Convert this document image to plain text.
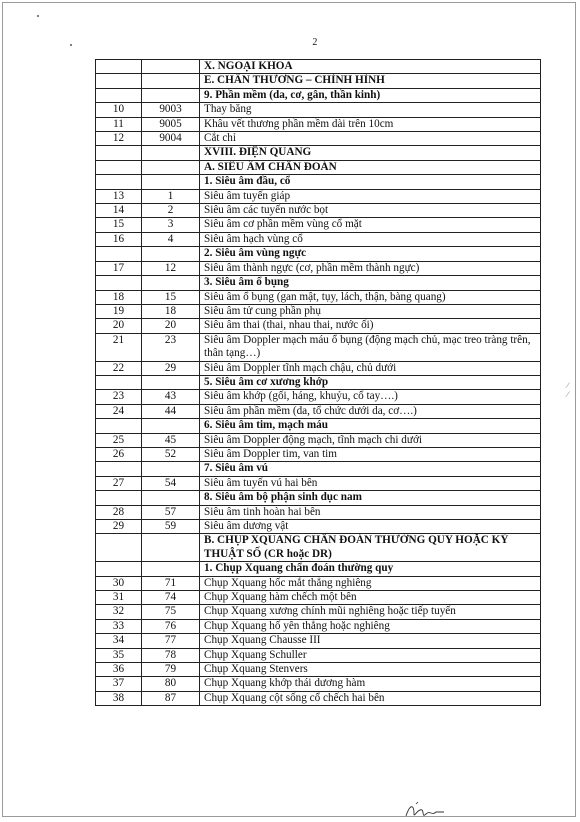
2
		X. NGOẠI KHOA
		E. CHẤN THƯƠNG – CHỈNH HÌNH
		9. Phần mềm (da, cơ, gân, thần kinh)
10	9003	Thay băng
11	9005	Khâu vết thương phần mềm dài trên 10cm
12	9004	Cắt chỉ
		XVIII. ĐIỆN QUANG
		A. SIÊU ÂM CHẨN ĐOÁN
		1. Siêu âm đầu, cổ
13	1	Siêu âm tuyến giáp
14	2	Siêu âm các tuyến nước bọt
15	3	Siêu âm cơ phần mềm vùng cổ mặt
16	4	Siêu âm hạch vùng cổ
		2. Siêu âm vùng ngực
17	12	Siêu âm thành ngực (cơ, phần mềm thành ngực)
		3. Siêu âm ổ bụng
18	15	Siêu âm ổ bụng (gan mật, tụy, lách, thận, bàng quang)
19	18	Siêu âm tử cung phần phụ
20	20	Siêu âm thai (thai, nhau thai, nước ối)
21	23	Siêu âm Doppler mạch máu ổ bụng (động mạch chủ, mạc treo tràng trên, thân tạng…)
22	29	Siêu âm Doppler tĩnh mạch chậu, chủ dưới
		5. Siêu âm cơ xương khớp
23	43	Siêu âm khớp (gối, háng, khuỷu, cổ tay….)
24	44	Siêu âm phần mềm (da, tổ chức dưới da, cơ….)
		6. Siêu âm tim, mạch máu
25	45	Siêu âm Doppler động mạch, tĩnh mạch chi dưới
26	52	Siêu âm Doppler tim, van tim
		7. Siêu âm vú
27	54	Siêu âm tuyến vú hai bên
		8. Siêu âm bộ phận sinh dục nam
28	57	Siêu âm tinh hoàn hai bên
29	59	Siêu âm dương vật
		B. CHỤP XQUANG CHẨN ĐOÁN THƯỜNG QUY HOẶC KỸ THUẬT SỐ (CR hoặc DR)
		1. Chụp Xquang chẩn đoán thường quy
30	71	Chụp Xquang hốc mắt thẳng nghiêng
31	74	Chụp Xquang hàm chếch một bên
32	75	Chụp Xquang xương chính mũi nghiêng hoặc tiếp tuyến
33	76	Chụp Xquang hố yên thẳng hoặc nghiêng
34	77	Chụp Xquang Chausse III
35	78	Chụp Xquang Schuller
36	79	Chụp Xquang Stenvers
37	80	Chụp Xquang khớp thái dương hàm
38	87	Chụp Xquang cột sống cổ chếch hai bên
⁄
⁄
